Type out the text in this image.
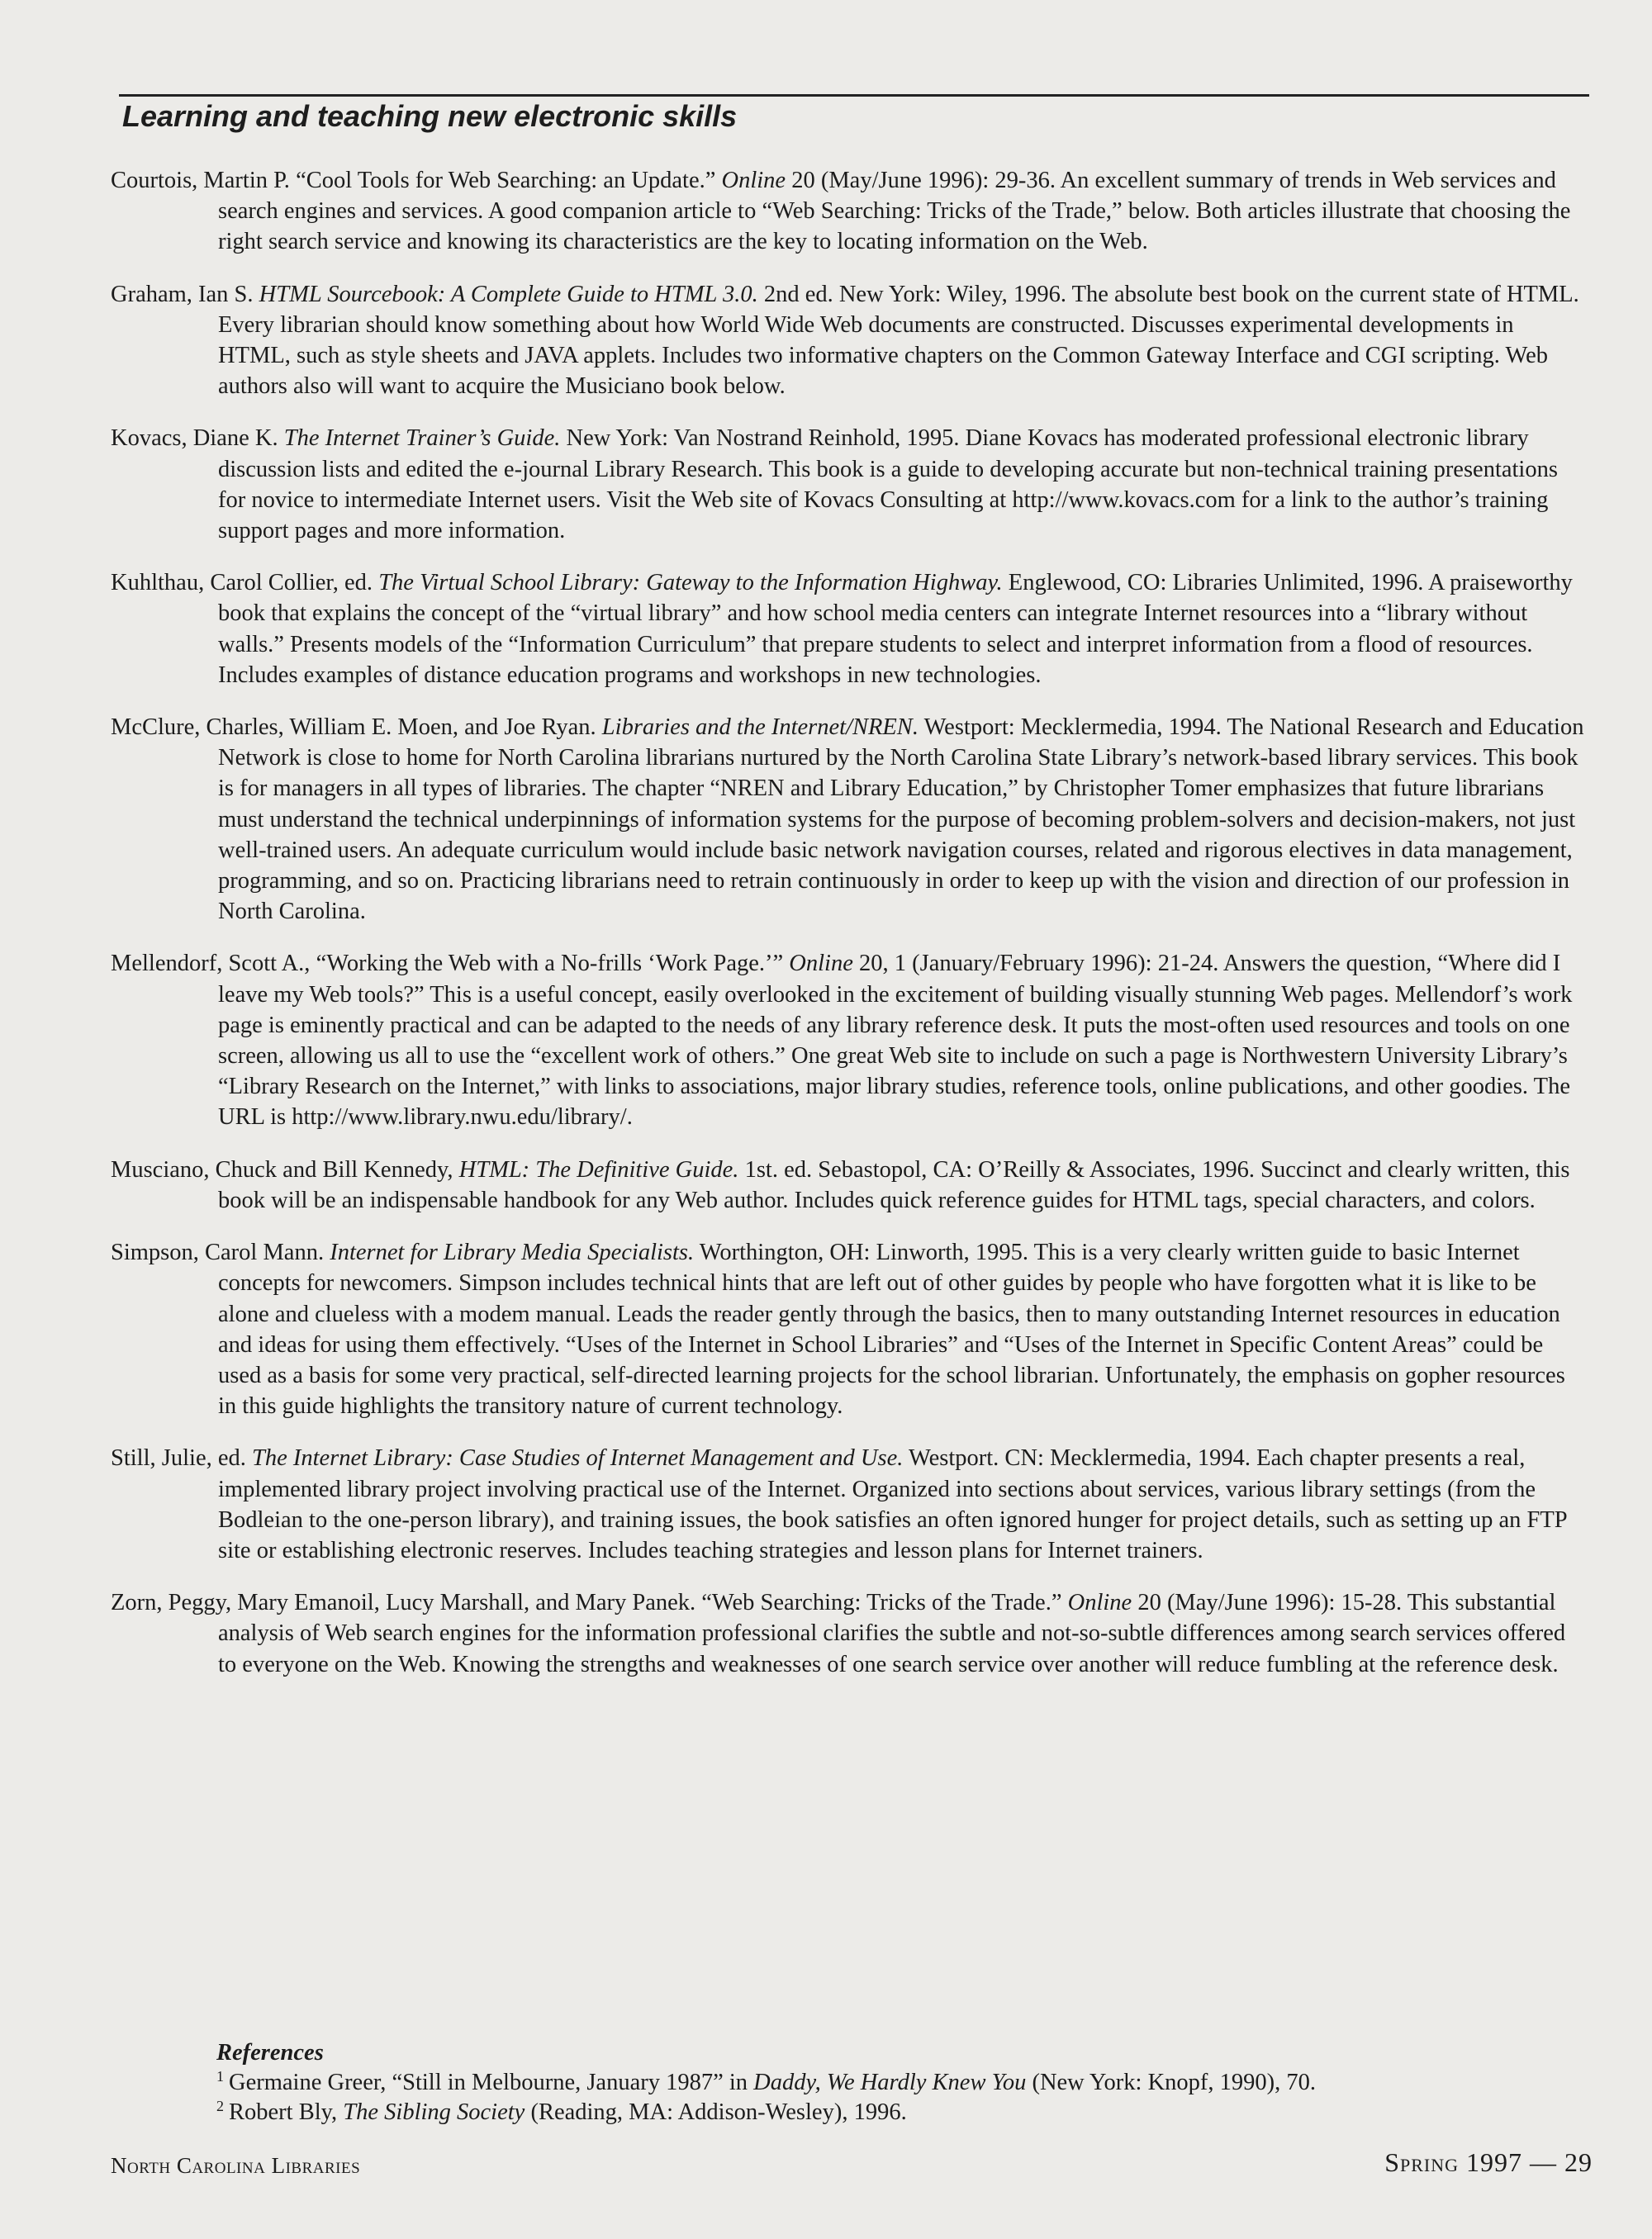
Learning and teaching new electronic skills

Courtois, Martin P. “Cool Tools for Web Searching: an Update.” Online 20 (May/June 1996): 29-36. An excellent summary of trends in Web services and search engines and services. A good companion article to “Web Searching: Tricks of the Trade,” below. Both articles illustrate that choosing the right search service and knowing its characteristics are the key to locating information on the Web.

Graham, Ian S. HTML Sourcebook: A Complete Guide to HTML 3.0. 2nd ed. New York: Wiley, 1996. The absolute best book on the current state of HTML. Every librarian should know something about how World Wide Web documents are constructed. Discusses experimental developments in HTML, such as style sheets and JAVA applets. Includes two informative chapters on the Common Gateway Interface and CGI scripting. Web authors also will want to acquire the Musiciano book below.

Kovacs, Diane K. The Internet Trainer’s Guide. New York: Van Nostrand Reinhold, 1995. Diane Kovacs has moderated professional electronic library discussion lists and edited the e-journal Library Research. This book is a guide to developing accurate but non-technical training presentations for novice to intermediate Internet users. Visit the Web site of Kovacs Consulting at http://www.kovacs.com for a link to the author’s training support pages and more information.

Kuhlthau, Carol Collier, ed. The Virtual School Library: Gateway to the Information Highway. Englewood, CO: Libraries Unlimited, 1996. A praiseworthy book that explains the concept of the “virtual library” and how school media centers can integrate Internet resources into a “library without walls.” Presents models of the “Information Curriculum” that prepare students to select and interpret information from a flood of resources. Includes examples of distance education programs and workshops in new technologies.

McClure, Charles, William E. Moen, and Joe Ryan. Libraries and the Internet/NREN. Westport: Mecklermedia, 1994. The National Research and Education Network is close to home for North Carolina librarians nurtured by the North Carolina State Library’s network-based library services. This book is for managers in all types of libraries. The chapter “NREN and Library Education,” by Christopher Tomer emphasizes that future librarians must understand the technical underpinnings of information systems for the purpose of becoming problem-solvers and decision-makers, not just well-trained users. An adequate curriculum would include basic network navigation courses, related and rigorous electives in data management, programming, and so on. Practicing librarians need to retrain continuously in order to keep up with the vision and direction of our profession in North Carolina.

Mellendorf, Scott A., “Working the Web with a No-frills ‘Work Page.’” Online 20, 1 (January/February 1996): 21-24. Answers the question, “Where did I leave my Web tools?” This is a useful concept, easily overlooked in the excitement of building visually stunning Web pages. Mellendorf’s work page is eminently practical and can be adapted to the needs of any library reference desk. It puts the most-often used resources and tools on one screen, allowing us all to use the “excellent work of others.” One great Web site to include on such a page is Northwestern University Library’s “Library Research on the Internet,” with links to associations, major library studies, reference tools, online publications, and other goodies. The URL is http://www.library.nwu.edu/library/.

Musciano, Chuck and Bill Kennedy, HTML: The Definitive Guide. 1st. ed. Sebastopol, CA: O’Reilly & Associates, 1996. Succinct and clearly written, this book will be an indispensable handbook for any Web author. Includes quick reference guides for HTML tags, special characters, and colors.

Simpson, Carol Mann. Internet for Library Media Specialists. Worthington, OH: Linworth, 1995. This is a very clearly written guide to basic Internet concepts for newcomers. Simpson includes technical hints that are left out of other guides by people who have forgotten what it is like to be alone and clueless with a modem manual. Leads the reader gently through the basics, then to many outstanding Internet resources in education and ideas for using them effectively. “Uses of the Internet in School Libraries” and “Uses of the Internet in Specific Content Areas” could be used as a basis for some very practical, self-directed learning projects for the school librarian. Unfortunately, the emphasis on gopher resources in this guide highlights the transitory nature of current technology.

Still, Julie, ed. The Internet Library: Case Studies of Internet Management and Use. Westport. CN: Mecklermedia, 1994. Each chapter presents a real, implemented library project involving practical use of the Internet. Organized into sections about services, various library settings (from the Bodleian to the one-person library), and training issues, the book satisfies an often ignored hunger for project details, such as setting up an FTP site or establishing electronic reserves. Includes teaching strategies and lesson plans for Internet trainers.

Zorn, Peggy, Mary Emanoil, Lucy Marshall, and Mary Panek. “Web Searching: Tricks of the Trade.” Online 20 (May/June 1996): 15-28. This substantial analysis of Web search engines for the information professional clarifies the subtle and not-so-subtle differences among search services offered to everyone on the Web. Knowing the strengths and weaknesses of one search service over another will reduce fumbling at the reference desk.

References
$^1$ Germaine Greer, “Still in Melbourne, January 1987” in Daddy, We Hardly Knew You (New York: Knopf, 1990), 70.
$^2$ Robert Bly, The Sibling Society (Reading, MA: Addison-Wesley), 1996.
North Carolina Libraries	Spring 1997 — 29
